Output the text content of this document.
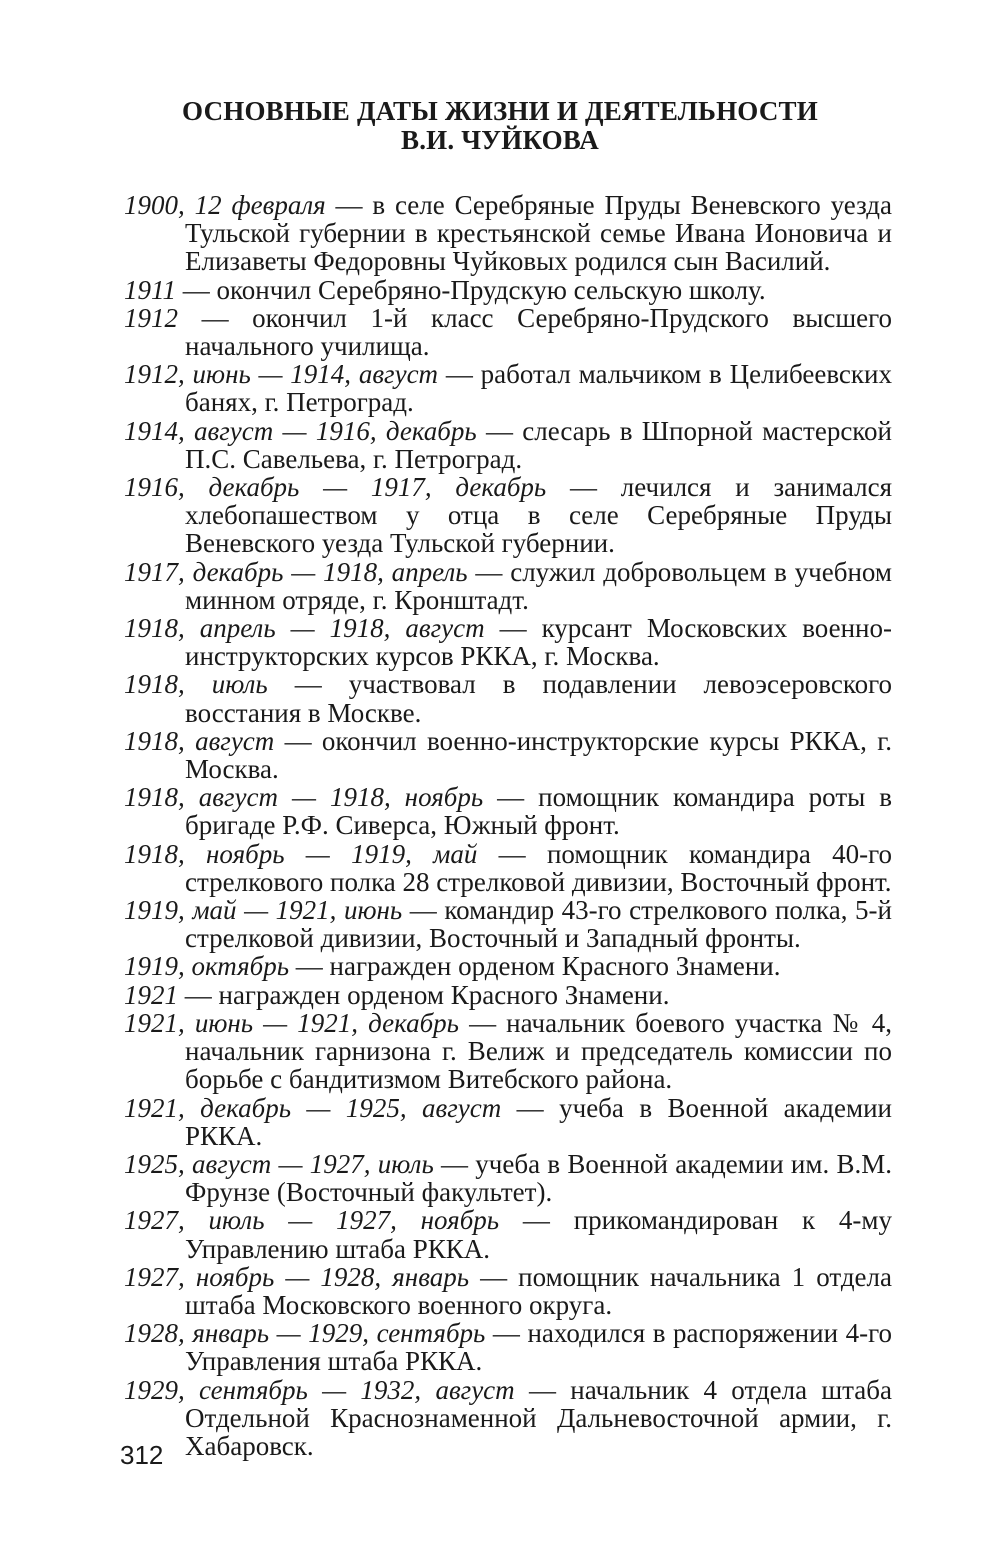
ОСНОВНЫЕ ДАТЫ ЖИЗНИ И ДЕЯТЕЛЬНОСТИ
В.И. ЧУЙКОВА

1900, 12 февраля — в селе Серебряные Пруды Веневского уезда Тульской губернии в крестьянской семье Ивана Ионовича и Елизаветы Федоровны Чуйковых родился сын Василий.

1911 — окончил Серебряно-Прудскую сельскую школу.

1912 — окончил 1-й класс Серебряно-Прудского высшего начального училища.

1912, июнь — 1914, август — работал мальчиком в Целибеевских банях, г. Петроград.

1914, август — 1916, декабрь — слесарь в Шпорной мастерской П.С. Савельева, г. Петроград.

1916, декабрь — 1917, декабрь — лечился и занимался хлебопашеством у отца в селе Серебряные Пруды Веневского уезда Тульской губернии.

1917, декабрь — 1918, апрель — служил добровольцем в учебном минном отряде, г. Кронштадт.

1918, апрель — 1918, август — курсант Московских военно-инструкторских курсов РККА, г. Москва.

1918, июль — участвовал в подавлении левоэсеровского восстания в Москве.

1918, август — окончил военно-инструкторские курсы РККА, г. Москва.

1918, август — 1918, ноябрь — помощник командира роты в бригаде Р.Ф. Сиверса, Южный фронт.

1918, ноябрь — 1919, май — помощник командира 40-го стрелкового полка 28 стрелковой дивизии, Восточный фронт.

1919, май — 1921, июнь — командир 43-го стрелкового полка, 5-й стрелковой дивизии, Восточный и Западный фронты.

1919, октябрь — награжден орденом Красного Знамени.

1921 — награжден орденом Красного Знамени.

1921, июнь — 1921, декабрь — начальник боевого участка № 4, начальник гарнизона г. Велиж и председатель комиссии по борьбе с бандитизмом Витебского района.

1921, декабрь — 1925, август — учеба в Военной академии РККА.

1925, август — 1927, июль — учеба в Военной академии им. В.М. Фрунзе (Восточный факультет).

1927, июль — 1927, ноябрь — прикомандирован к 4-му Управлению штаба РККА.

1927, ноябрь — 1928, январь — помощник начальника 1 отдела штаба Московского военного округа.

1928, январь — 1929, сентябрь — находился в распоряжении 4-го Управления штаба РККА.

1929, сентябрь — 1932, август — начальник 4 отдела штаба Отдельной Краснознаменной Дальневосточной армии, г. Хабаровск.

312
